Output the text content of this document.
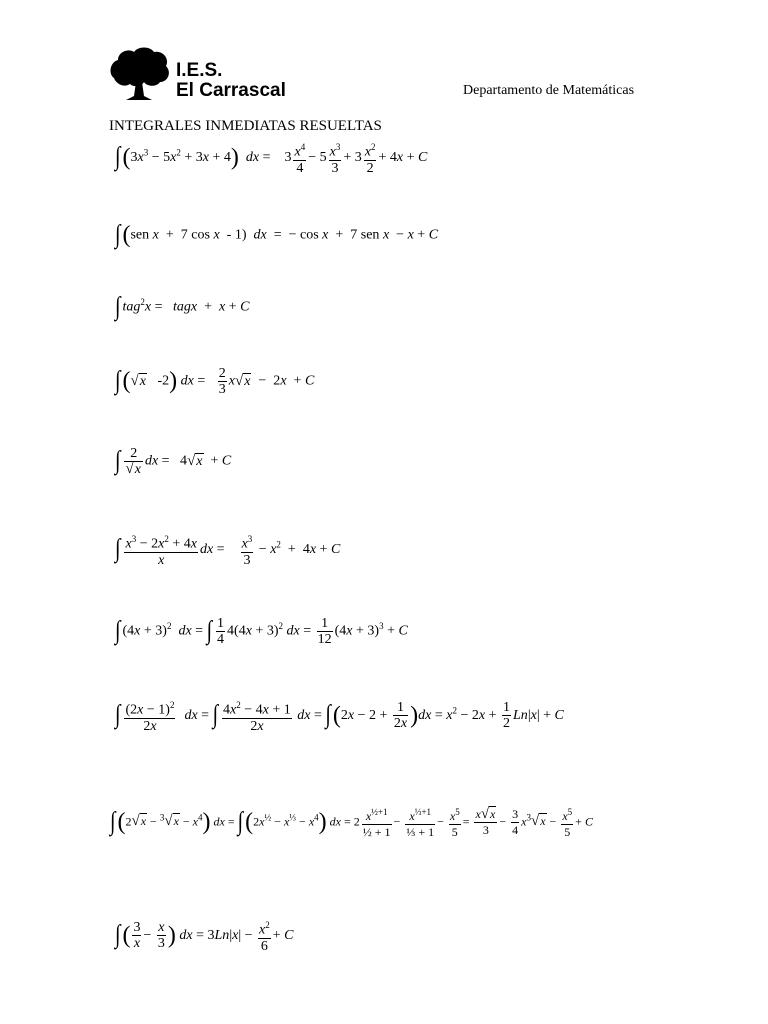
I.E.S.
El Carrascal	Departamento de Matemáticas
INTEGRALES INMEDIATAS RESUELTAS
$\int(3x^3 - 5x^2 + 3x + 4)$ dx =    $3 \frac{x^4}{4} - 5 \frac{x^3}{3} + 3 \frac{x^2}{2} + 4x + C$
∫(sen x  +  7 cos x  - 1)  dx  =  − cos x  +  7 sen x  − x + C
∫ tag$^2$x =   tagx  +  x + C
∫(√x   -2) dx = $\frac{2}{3} x√x - 2x + C$
∫ $\frac{2}{√x}$ dx =   4√x  + C
∫ $\frac{x^3 - 2x^2 + 4x}{x}$ dx = $\frac{x^3}{3} - x^2 + 4x + C$
∫ $(4x + 3)^2$ dx = ∫ $\frac{1}{4} 4(4x + 3)^2$ dx = $\frac{1}{12} (4x + 3)^3 + C$
∫ $\frac{(2x - 1)^2}{2x}$ dx = ∫ $\frac{4x^2 - 4x + 1}{2x}$ dx = $\int(2x - 2 + \frac{1}{2x} )dx = x^2 - 2x + \frac{1}{2} Ln|x| + C$
$\int(2√x - ^3√x - x^4)$ dx = $\int(2x^{\frac{1}{2}} - x^{\frac{1}{3}} - x^4)$ dx = $2 \frac{x^{\frac{1}{2}+1}}{\text{½ + 1}} - \frac{x^{\frac{1}{3}+1}}{\text{⅓ + 1}} - \frac{x^5}{5} = \frac{x√x}{3} - \frac{3}{4} x^3√x - \frac{x^5}{5} + C$
∫( $\frac{3}{x} - \frac{x}{3}$ ) dx = $3Ln|x| - \frac{x^2}{6} + C$
